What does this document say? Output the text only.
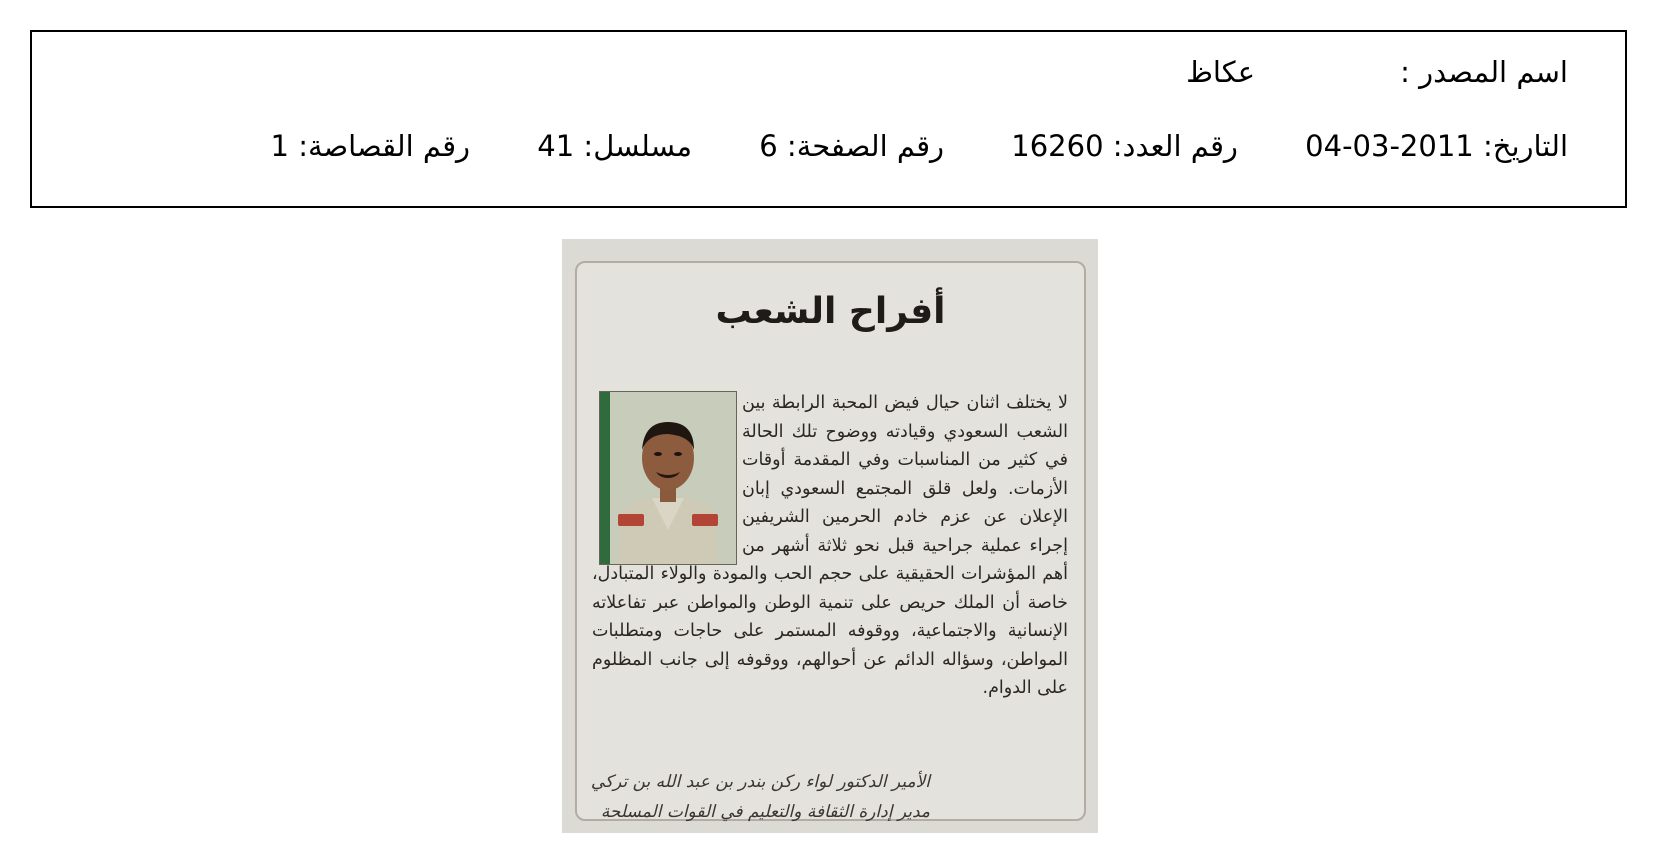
اسم المصدر :عكاظ
التاريخ: 2011-03-04 رقم العدد: 16260 رقم الصفحة: 6 مسلسل: 41 رقم القصاصة: 1
أفراح الشعب
لا يختلف اثنان حيال فيض المحبة الرابطة بين الشعب السعودي وقيادته ووضوح تلك الحالة في كثير من المناسبات وفي المقدمة أوقات الأزمات. ولعل قلق المجتمع السعودي إبان الإعلان عن عزم خادم الحرمين الشريفين إجراء عملية جراحية قبل نحو ثلاثة أشهر من أهم المؤشرات الحقيقية على حجم الحب والمودة والولاء المتبادل، خاصة أن الملك حريص على تنمية الوطن والمواطن عبر تفاعلاته الإنسانية والاجتماعية، ووقوفه المستمر على حاجات ومتطلبات المواطن، وسؤاله الدائم عن أحوالهم، ووقوفه إلى جانب المظلوم على الدوام.
الأمير الدكتور لواء ركن بندر بن عبد الله بن تركي
مدير إدارة الثقافة والتعليم في القوات المسلحة
